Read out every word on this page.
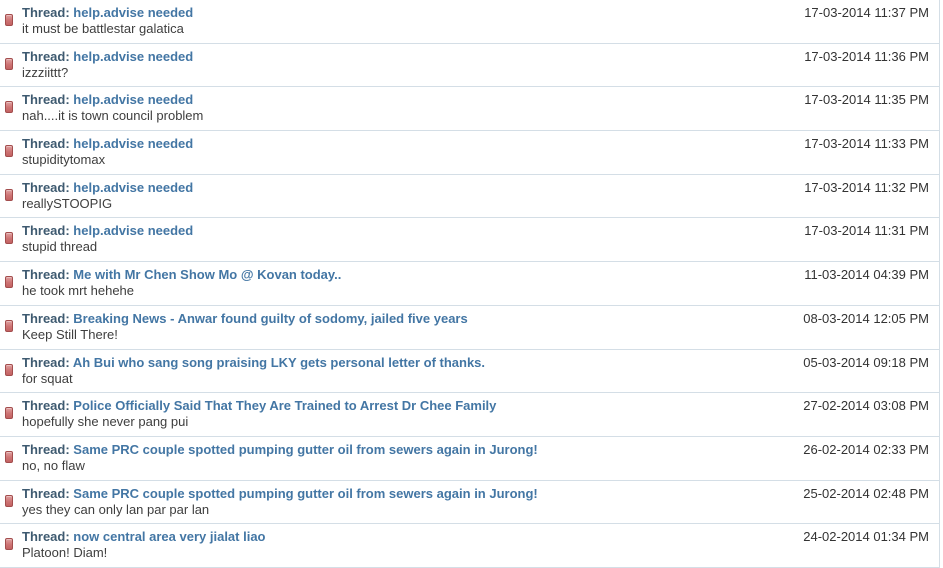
Thread: help.advise needed
it must be battlestar galatica
17-03-2014 11:37 PM
Thread: help.advise needed
izzziittt?
17-03-2014 11:36 PM
Thread: help.advise needed
nah....it is town council problem
17-03-2014 11:35 PM
Thread: help.advise needed
stupiditytomax
17-03-2014 11:33 PM
Thread: help.advise needed
reallySTOOPIG
17-03-2014 11:32 PM
Thread: help.advise needed
stupid thread
17-03-2014 11:31 PM
Thread: Me with Mr Chen Show Mo @ Kovan today..
he took mrt hehehe
11-03-2014 04:39 PM
Thread: Breaking News - Anwar found guilty of sodomy, jailed five years
Keep Still There!
08-03-2014 12:05 PM
Thread: Ah Bui who sang song praising LKY gets personal letter of thanks.
for squat
05-03-2014 09:18 PM
Thread: Police Officially Said That They Are Trained to Arrest Dr Chee Family
hopefully she never pang pui
27-02-2014 03:08 PM
Thread: Same PRC couple spotted pumping gutter oil from sewers again in Jurong!
no, no flaw
26-02-2014 02:33 PM
Thread: Same PRC couple spotted pumping gutter oil from sewers again in Jurong!
yes they can only lan par par lan
25-02-2014 02:48 PM
Thread: now central area very jialat liao
Platoon! Diam!
24-02-2014 01:34 PM
